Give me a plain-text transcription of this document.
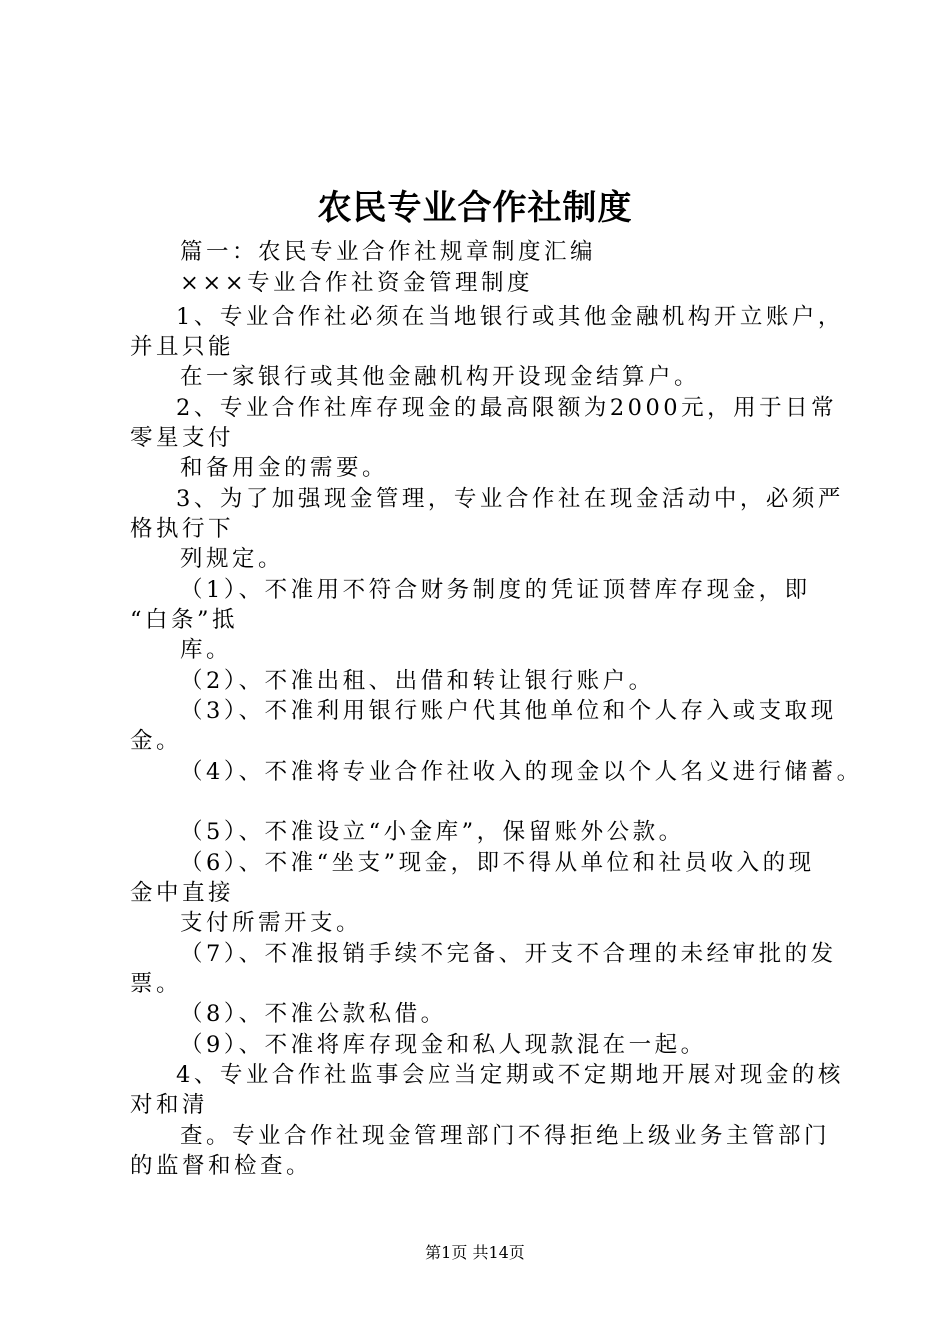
农民专业合作社制度
篇一：农民专业合作社规章制度汇编
×××专业合作社资金管理制度
1、专业合作社必须在当地银行或其他金融机构开立账户，
并且只能
在一家银行或其他金融机构开设现金结算户。
2、专业合作社库存现金的最高限额为2000元，用于日常
零星支付
和备用金的需要。
3、为了加强现金管理，专业合作社在现金活动中，必须严
格执行下
列规定。
（1）、不准用不符合财务制度的凭证顶替库存现金，即
“白条”抵
库。
（2）、不准出租、出借和转让银行账户。
（3）、不准利用银行账户代其他单位和个人存入或支取现
金。
（4）、不准将专业合作社收入的现金以个人名义进行储蓄。
（5）、不准设立“小金库”，保留账外公款。
（6）、不准“坐支”现金，即不得从单位和社员收入的现
金中直接
支付所需开支。
（7）、不准报销手续不完备、开支不合理的未经审批的发
票。
（8）、不准公款私借。
（9）、不准将库存现金和私人现款混在一起。
4、专业合作社监事会应当定期或不定期地开展对现金的核
对和清
查。专业合作社现金管理部门不得拒绝上级业务主管部门
的监督和检查。
第1页 共14页
